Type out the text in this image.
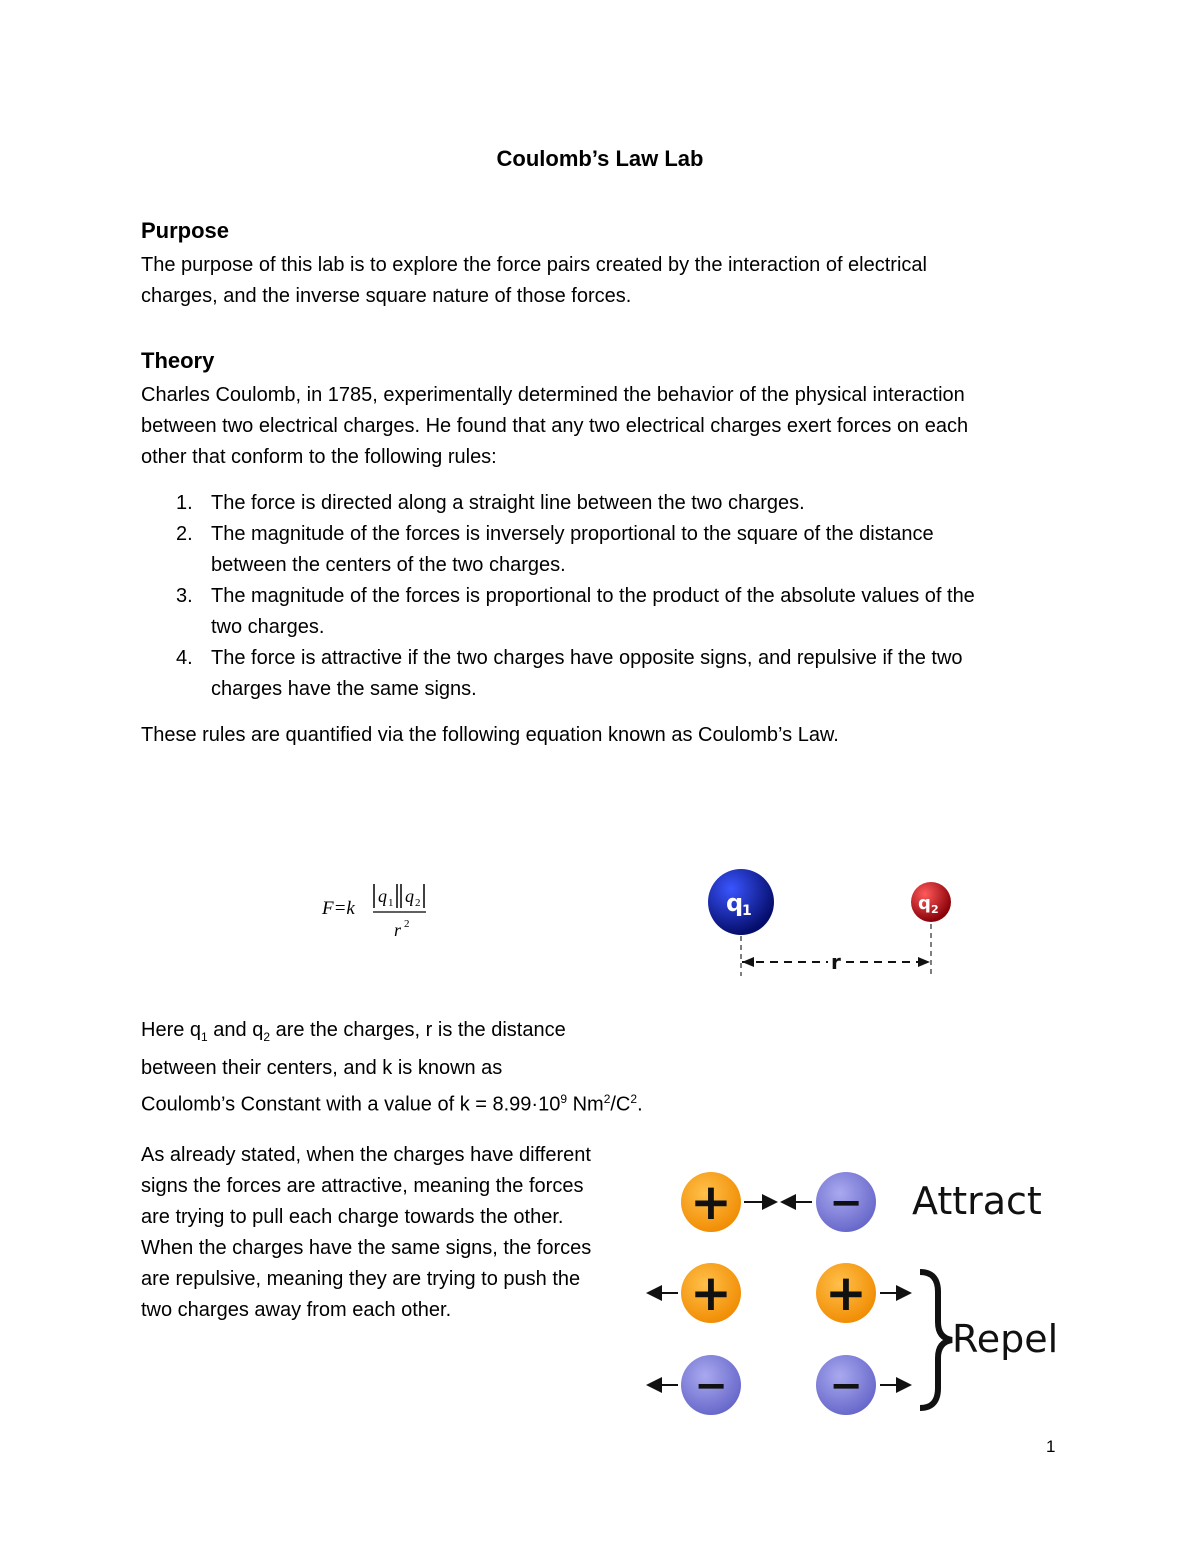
Coulomb’s Law Lab
Purpose
The purpose of this lab is to explore the force pairs created by the interaction of electrical
charges, and the inverse square nature of those forces.
Theory
Charles Coulomb, in 1785, experimentally determined the behavior of the physical interaction
between two electrical charges. He found that any two electrical charges exert forces on each
other that conform to the following rules:
1. The force is directed along a straight line between the two charges.
2. The magnitude of the forces is inversely proportional to the square of the distance
between the centers of the two charges.
3. The magnitude of the forces is proportional to the product of the absolute values of the
two charges.
4. The force is attractive if the two charges have opposite signs, and repulsive if the two
charges have the same signs.
These rules are quantified via the following equation known as Coulomb’s Law.
F=k
q 1 q 2
r 2
q
1	q 2
r
Here $q_1$ and $q_2$ are the charges, r is the distance
between their centers, and k is known as
Coulomb’s Constant with a value of $k = 8.99\cdot 10^9$ $Nm^2/C^2$.
As already stated, when the charges have different
signs the forces are attractive, meaning the forces
are trying to pull each charge towards the other.
When the charges have the same signs, the forces
are repulsive, meaning they are trying to push the
two charges away from each other.
+ − Attract
+ +
−	−
Repel
1
